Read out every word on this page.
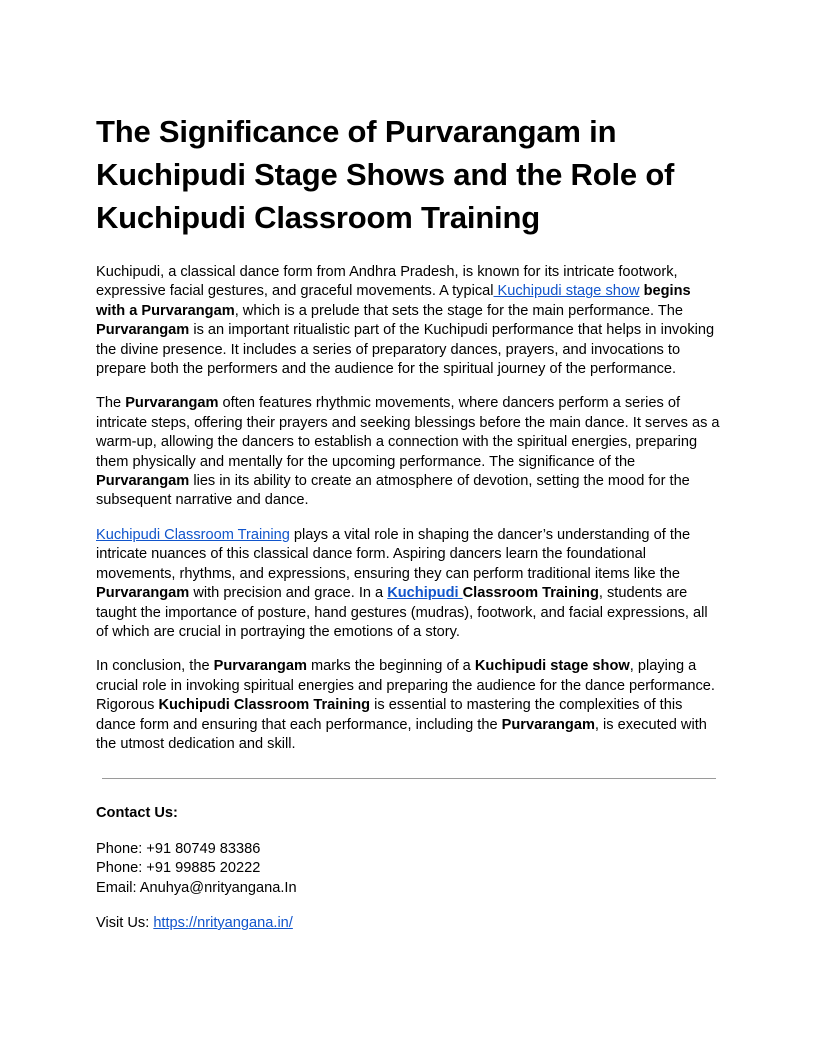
The Significance of Purvarangam in Kuchipudi Stage Shows and the Role of Kuchipudi Classroom Training

Kuchipudi, a classical dance form from Andhra Pradesh, is known for its intricate footwork, expressive facial gestures, and graceful movements. A typical Kuchipudi stage show begins with a Purvarangam, which is a prelude that sets the stage for the main performance. The Purvarangam is an important ritualistic part of the Kuchipudi performance that helps in invoking the divine presence. It includes a series of preparatory dances, prayers, and invocations to prepare both the performers and the audience for the spiritual journey of the performance.

The Purvarangam often features rhythmic movements, where dancers perform a series of intricate steps, offering their prayers and seeking blessings before the main dance. It serves as a warm-up, allowing the dancers to establish a connection with the spiritual energies, preparing them physically and mentally for the upcoming performance. The significance of the Purvarangam lies in its ability to create an atmosphere of devotion, setting the mood for the subsequent narrative and dance.

Kuchipudi Classroom Training plays a vital role in shaping the dancer’s understanding of the intricate nuances of this classical dance form. Aspiring dancers learn the foundational movements, rhythms, and expressions, ensuring they can perform traditional items like the Purvarangam with precision and grace. In a Kuchipudi Classroom Training, students are taught the importance of posture, hand gestures (mudras), footwork, and facial expressions, all of which are crucial in portraying the emotions of a story.

In conclusion, the Purvarangam marks the beginning of a Kuchipudi stage show, playing a crucial role in invoking spiritual energies and preparing the audience for the dance performance. Rigorous Kuchipudi Classroom Training is essential to mastering the complexities of this dance form and ensuring that each performance, including the Purvarangam, is executed with the utmost dedication and skill.

Contact Us:

Phone: +91 80749 83386
Phone: +91 99885 20222
Email: Anuhya@nrityangana.In

Visit Us: https://nrityangana.in/
